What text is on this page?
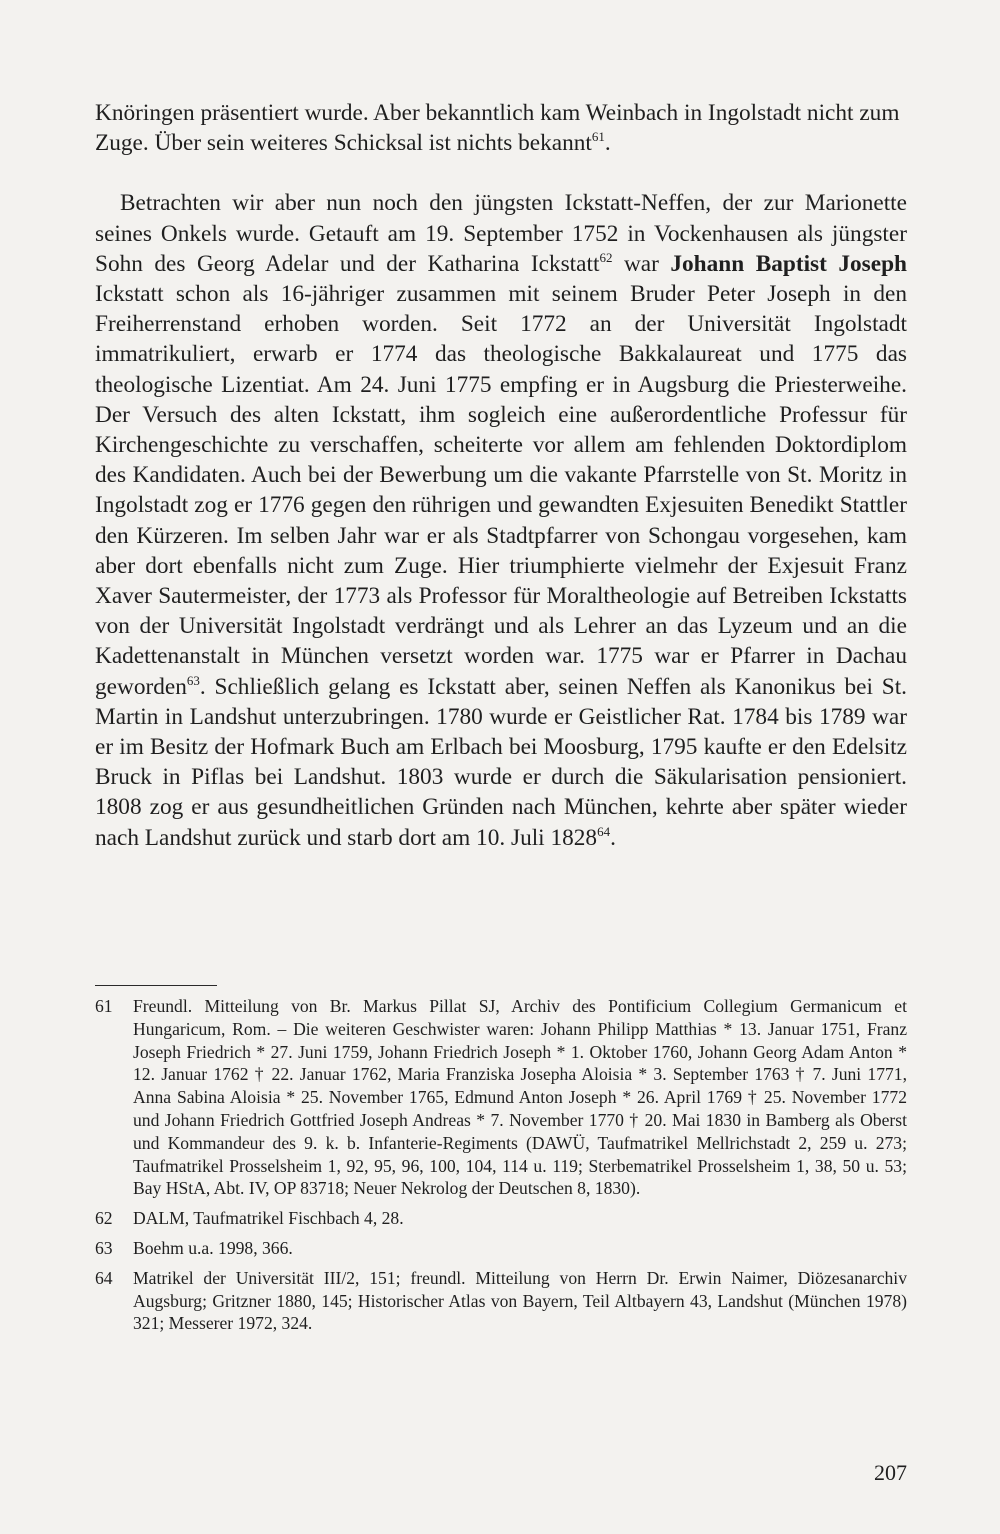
Knöringen präsentiert wurde. Aber bekanntlich kam Weinbach in Ingolstadt nicht zum Zuge. Über sein weiteres Schicksal ist nichts bekannt$^{61}$.

Betrachten wir aber nun noch den jüngsten Ickstatt-Neffen, der zur Marionette seines Onkels wurde. Getauft am 19. September 1752 in Vockenhausen als jüngster Sohn des Georg Adelar und der Katharina Ickstatt$^{62}$ war Johann Baptist Joseph Ickstatt schon als 16-jähriger zusammen mit seinem Bruder Peter Joseph in den Freiherrenstand erhoben worden. Seit 1772 an der Universität Ingolstadt immatrikuliert, erwarb er 1774 das theologische Bakkalaureat und 1775 das theologische Lizentiat. Am 24. Juni 1775 empfing er in Augsburg die Priesterweihe. Der Versuch des alten Ickstatt, ihm sogleich eine außerordentliche Professur für Kirchengeschichte zu verschaffen, scheiterte vor allem am fehlenden Doktordiplom des Kandidaten. Auch bei der Bewerbung um die vakante Pfarrstelle von St. Moritz in Ingolstadt zog er 1776 gegen den rührigen und gewandten Exjesuiten Benedikt Stattler den Kürzeren. Im selben Jahr war er als Stadtpfarrer von Schongau vorgesehen, kam aber dort ebenfalls nicht zum Zuge. Hier triumphierte vielmehr der Exjesuit Franz Xaver Sautermeister, der 1773 als Professor für Moraltheologie auf Betreiben Ickstatts von der Universität Ingolstadt verdrängt und als Lehrer an das Lyzeum und an die Kadettenanstalt in München versetzt worden war. 1775 war er Pfarrer in Dachau geworden$^{63}$. Schließlich gelang es Ickstatt aber, seinen Neffen als Kanonikus bei St. Martin in Landshut unterzubringen. 1780 wurde er Geistlicher Rat. 1784 bis 1789 war er im Besitz der Hofmark Buch am Erlbach bei Moosburg, 1795 kaufte er den Edelsitz Bruck in Piflas bei Landshut. 1803 wurde er durch die Säkularisation pensioniert. 1808 zog er aus gesundheitlichen Gründen nach München, kehrte aber später wieder nach Landshut zurück und starb dort am 10. Juli 1828$^{64}$.

61	Freundl. Mitteilung von Br. Markus Pillat SJ, Archiv des Pontificium Collegium Germanicum et Hungaricum, Rom. – Die weiteren Geschwister waren: Johann Philipp Matthias * 13. Januar 1751, Franz Joseph Friedrich * 27. Juni 1759, Johann Friedrich Joseph * 1. Oktober 1760, Johann Georg Adam Anton * 12. Januar 1762 † 22. Januar 1762, Maria Franziska Josepha Aloisia * 3. September 1763 † 7. Juni 1771, Anna Sabina Aloisia * 25. November 1765, Edmund Anton Joseph * 26. April 1769 † 25. November 1772 und Johann Friedrich Gottfried Joseph Andreas * 7. November 1770 † 20. Mai 1830 in Bamberg als Oberst und Kommandeur des 9. k. b. Infanterie-Regiments (DAWÜ, Taufmatrikel Mellrichstadt 2, 259 u. 273; Taufmatrikel Prosselsheim 1, 92, 95, 96, 100, 104, 114 u. 119; Sterbematrikel Prosselsheim 1, 38, 50 u. 53; Bay HStA, Abt. IV, OP 83718; Neuer Nekrolog der Deutschen 8, 1830).
62	DALM, Taufmatrikel Fischbach 4, 28.
63	Boehm u.a. 1998, 366.
64	Matrikel der Universität III/2, 151; freundl. Mitteilung von Herrn Dr. Erwin Naimer, Diözesanarchiv Augsburg; Gritzner 1880, 145; Historischer Atlas von Bayern, Teil Altbayern 43, Landshut (München 1978) 321; Messerer 1972, 324.
207
